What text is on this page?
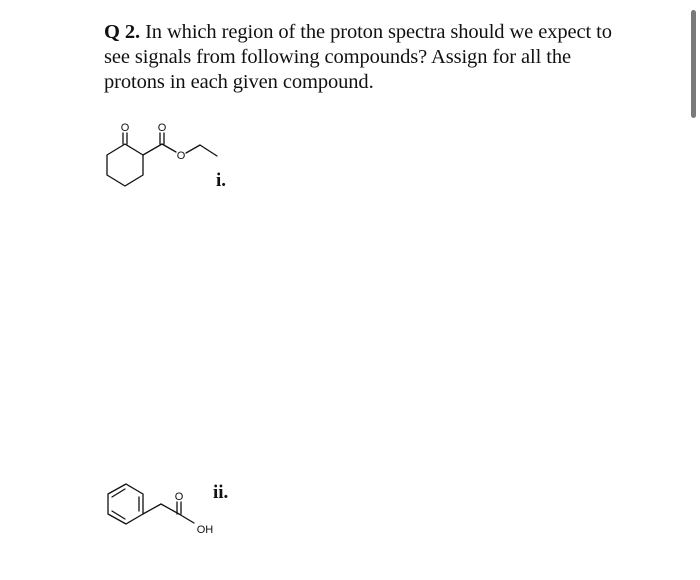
Q 2. In which region of the proton spectra should we expect to see signals from following compounds? Assign for all the protons in each given compound.
O	O
O
i.
O
OH
ii.
